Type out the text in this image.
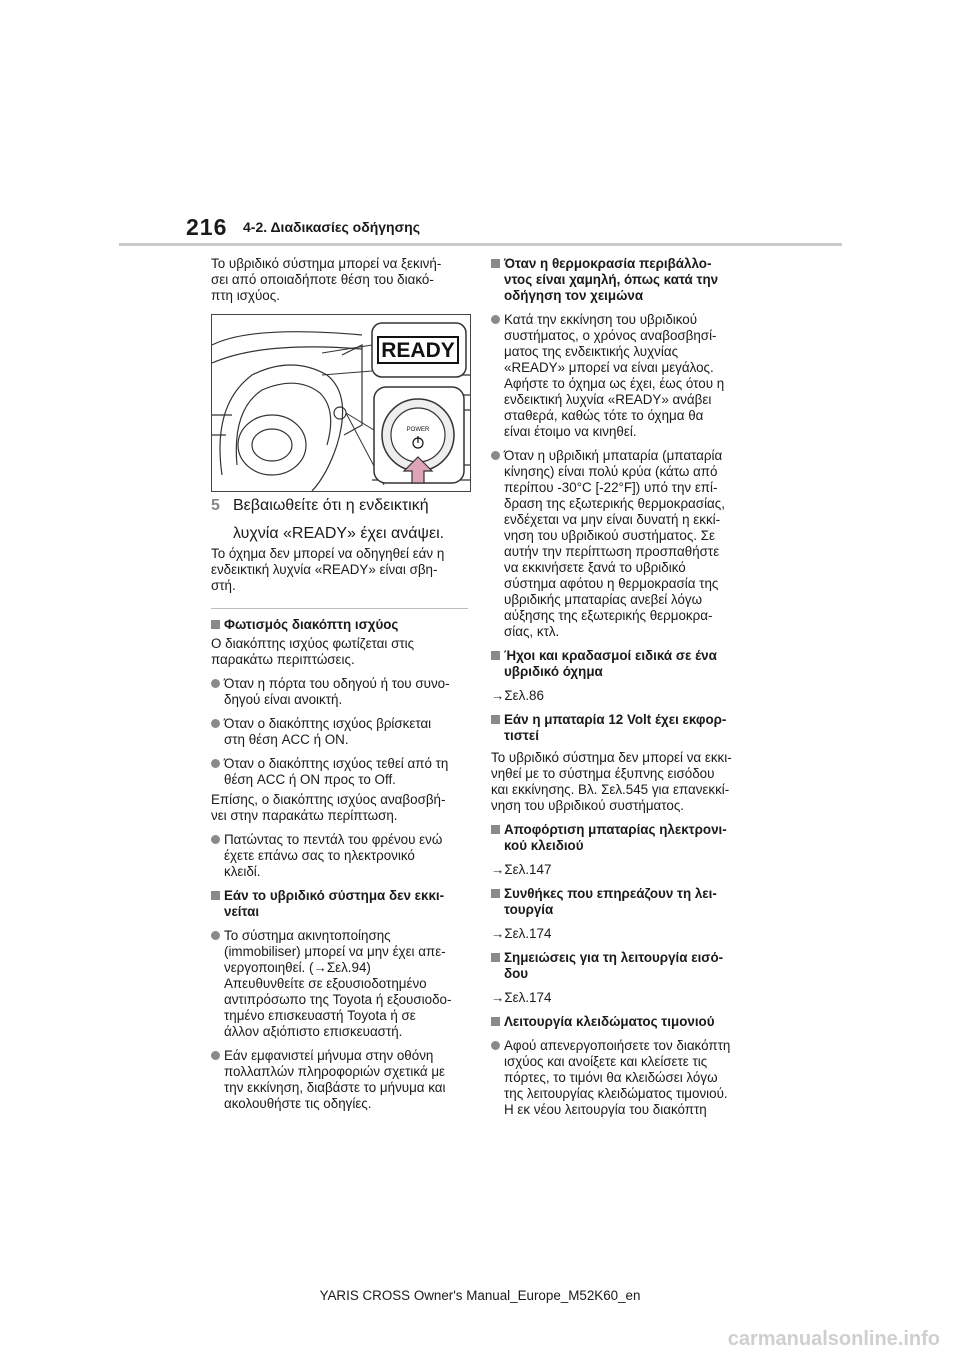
216 4-2. Διαδικασίες οδήγησης

Το υβριδικό σύστημα μπορεί να ξεκινή-

σει από οποιαδήποτε θέση του διακό-

πτη ισχύος.

READY
POWER
5 Βεβαιωθείτε ότι η ενδεικτική

λυχνία «READY» έχει ανάψει.

Το όχημα δεν μπορεί να οδηγηθεί εάν η

ενδεικτική λυχνία «READY» είναι σβη-

στή.

Φωτισμός διακόπτη ισχύος

Ο διακόπτης ισχύος φωτίζεται στις

παρακάτω περιπτώσεις.

Όταν η πόρτα του οδηγού ή του συνο-

δηγού είναι ανοικτή.

Όταν ο διακόπτης ισχύος βρίσκεται

στη θέση ACC ή ON.

Όταν ο διακόπτης ισχύος τεθεί από τη

θέση ACC ή ON προς το Off.

Επίσης, ο διακόπτης ισχύος αναβοσβή-

νει στην παρακάτω περίπτωση.

Πατώντας το πεντάλ του φρένου ενώ

έχετε επάνω σας το ηλεκτρονικό

κλειδί.

Εάν το υβριδικό σύστημα δεν εκκι-

νείται

Το σύστημα ακινητοποίησης

(immobiliser) μπορεί να μην έχει απε-

νεργοποιηθεί. (→Σελ.94)

Απευθυνθείτε σε εξουσιοδοτημένο

αντιπρόσωπο της Toyota ή εξουσιοδο-

τημένο επισκευαστή Toyota ή σε

άλλον αξιόπιστο επισκευαστή.

Εάν εμφανιστεί μήνυμα στην οθόνη

πολλαπλών πληροφοριών σχετικά με

την εκκίνηση, διαβάστε το μήνυμα και

ακολουθήστε τις οδηγίες.

Όταν η θερμοκρασία περιβάλλο-

ντος είναι χαμηλή, όπως κατά την

οδήγηση τον χειμώνα

Κατά την εκκίνηση του υβριδικού

συστήματος, ο χρόνος αναβοσβησί-

ματος της ενδεικτικής λυχνίας

«READY» μπορεί να είναι μεγάλος.

Αφήστε το όχημα ως έχει, έως ότου η

ενδεικτική λυχνία «READY» ανάβει

σταθερά, καθώς τότε το όχημα θα

είναι έτοιμο να κινηθεί.

Όταν η υβριδική μπαταρία (μπαταρία

κίνησης) είναι πολύ κρύα (κάτω από

περίπου -30°C [-22°F]) υπό την επί-

δραση της εξωτερικής θερμοκρασίας,

ενδέχεται να μην είναι δυνατή η εκκί-

νηση του υβριδικού συστήματος. Σε

αυτήν την περίπτωση προσπαθήστε

να εκκινήσετε ξανά το υβριδικό

σύστημα αφότου η θερμοκρασία της

υβριδικής μπαταρίας ανεβεί λόγω

αύξησης της εξωτερικής θερμοκρα-

σίας, κτλ.

Ήχοι και κραδασμοί ειδικά σε ένα

υβριδικό όχημα

→Σελ.86

Εάν η μπαταρία 12 Volt έχει εκφορ-

τιστεί

Το υβριδικό σύστημα δεν μπορεί να εκκι-

νηθεί με το σύστημα έξυπνης εισόδου

και εκκίνησης. Βλ. Σελ.545 για επανεκκί-

νηση του υβριδικού συστήματος.

Αποφόρτιση μπαταρίας ηλεκτρονι-

κού κλειδιού

→Σελ.147

Συνθήκες που επηρεάζουν τη λει-

τουργία

→Σελ.174

Σημειώσεις για τη λειτουργία εισό-

δου

→Σελ.174

Λειτουργία κλειδώματος τιμονιού

Αφού απενεργοποιήσετε τον διακόπτη

ισχύος και ανοίξετε και κλείσετε τις

πόρτες, το τιμόνι θα κλειδώσει λόγω

της λειτουργίας κλειδώματος τιμονιού.

Η εκ νέου λειτουργία του διακόπτη

YARIS CROSS Owner's Manual_Europe_M52K60_en
carmanualsonline.info
